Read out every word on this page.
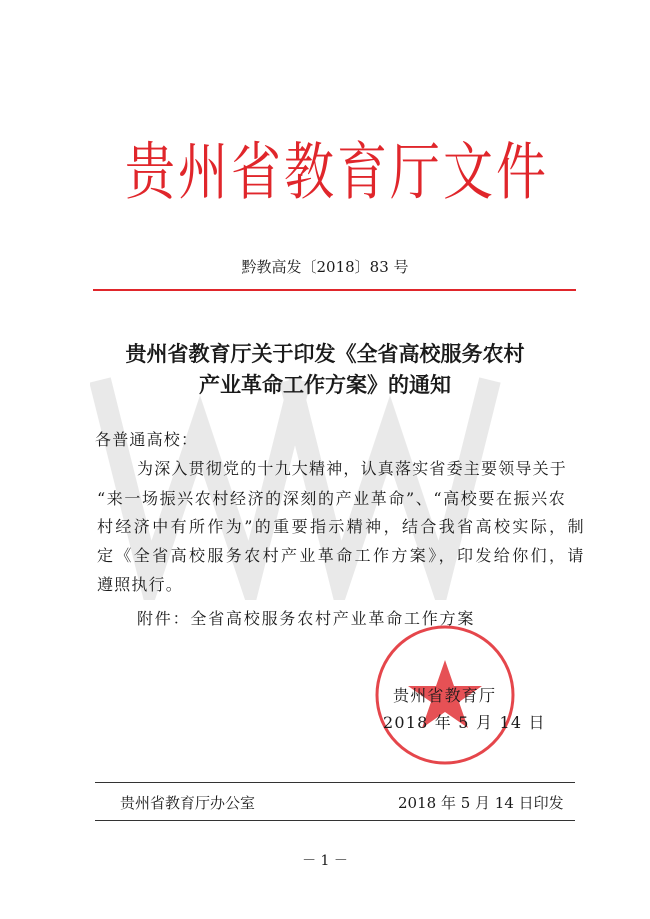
贵 州 省 教 育 厅 文 件
黔教高发〔2018〕83 号
贵州省教育厅关于印发《全省高校服务农村
产业革命工作方案》的通知
各普通高校：
为深入贯彻党的十九大精神，认真落实省委主要领导关于
“来一场振兴农村经济的深刻的产业革命”、“高校要在振兴农
村经济中有所作为”的重要指示精神，结合我省高校实际，制
定《全省高校服务农村产业革命工作方案》，印发给你们，请
遵照执行。
附件：全省高校服务农村产业革命工作方案
贵州省教育厅
2018 年 5 月 14 日
贵州省教育厅办公室	2018 年 5 月 14 日印发
－ 1 －
